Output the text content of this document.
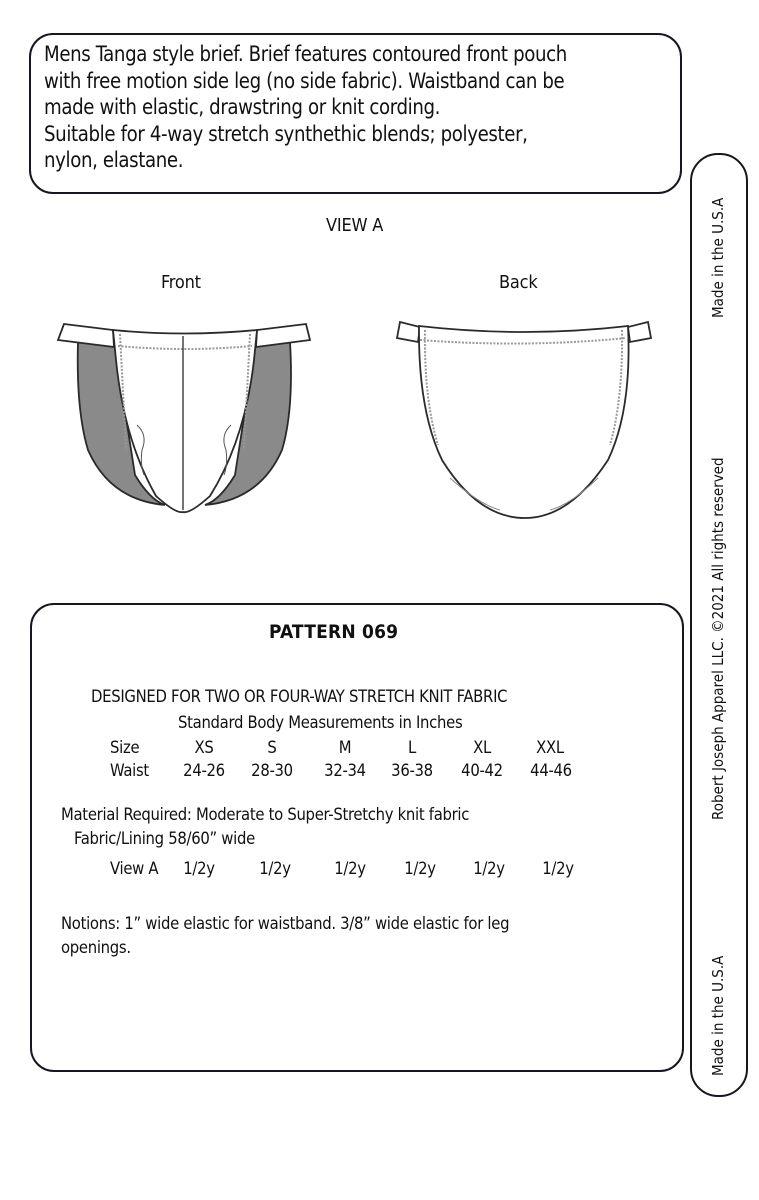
Mens Tanga style brief. Brief features contoured front pouch
with free motion side leg (no side fabric). Waistband can be
made with elastic, drawstring or knit cording.
Suitable for 4-way stretch synthethic blends; polyester,
nylon, elastane.
VIEW A
Front	Back	Made in the U.S.A
Robert Joseph Apparel LLC. ©2021 All rights reserved
Made in the U.S.A
PATTERN 069
DESIGNED FOR TWO OR FOUR-WAY STRETCH KNIT FABRIC
Standard Body Measurements in Inches
Size	XS	S	M	L	XL	XXL
Waist	24-26	28-30	32-34	36-38	40-42	44-46
Material Required: Moderate to Super-Stretchy knit fabric
Fabric/Lining 58/60” wide
View A	1/2y	1/2y	1/2y	1/2y	1/2y	1/2y
Notions: 1” wide elastic for waistband. 3/8” wide elastic for leg
openings.
